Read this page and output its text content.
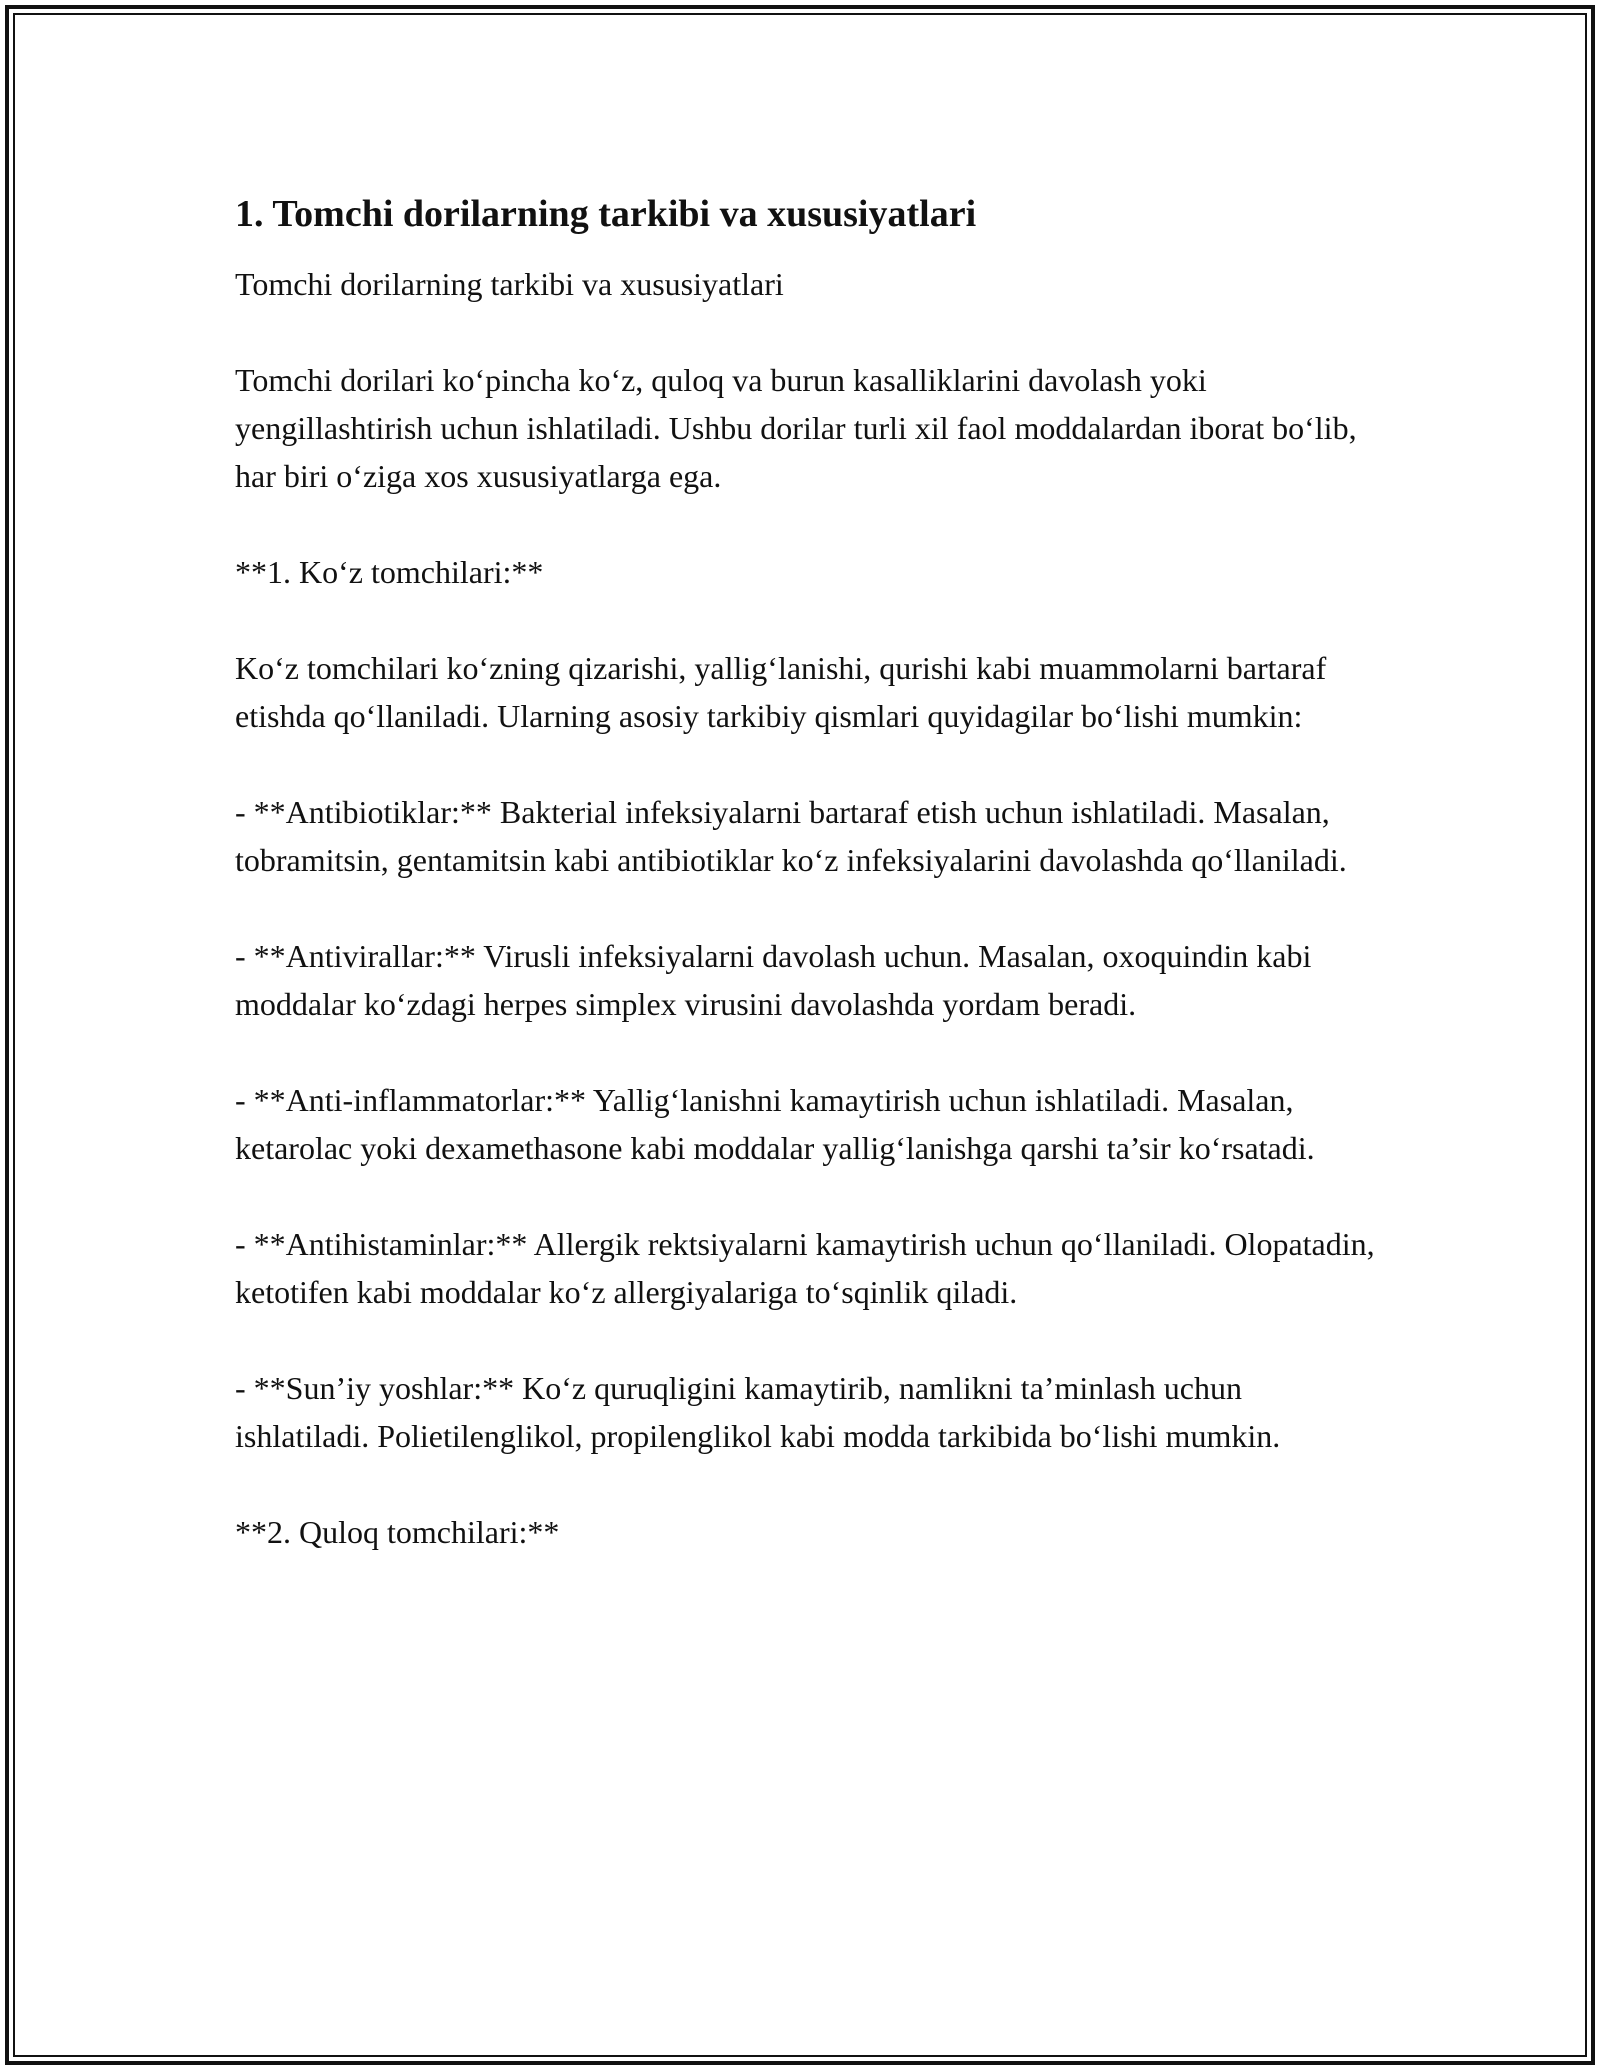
1. Tomchi dorilarning tarkibi va xususiyatlari

Tomchi dorilarning tarkibi va xususiyatlari

Tomchi dorilari ko‘pincha ko‘z, quloq va burun kasalliklarini davolash yoki yengillashtirish uchun ishlatiladi. Ushbu dorilar turli xil faol moddalardan iborat bo‘lib, har biri o‘ziga xos xususiyatlarga ega.

**1. Ko‘z tomchilari:**

Ko‘z tomchilari ko‘zning qizarishi, yallig‘lanishi, qurishi kabi muammolarni bartaraf etishda qo‘llaniladi. Ularning asosiy tarkibiy qismlari quyidagilar bo‘lishi mumkin:

- **Antibiotiklar:** Bakterial infeksiyalarni bartaraf etish uchun ishlatiladi. Masalan, tobramitsin, gentamitsin kabi antibiotiklar ko‘z infeksiyalarini davolashda qo‘llaniladi.

- **Antivirallar:** Virusli infeksiyalarni davolash uchun. Masalan, oxoquindin kabi moddalar ko‘zdagi herpes simplex virusini davolashda yordam beradi.

- **Anti-inflammatorlar:** Yallig‘lanishni kamaytirish uchun ishlatiladi. Masalan, ketarolac yoki dexamethasone kabi moddalar yallig‘lanishga qarshi ta’sir ko‘rsatadi.

- **Antihistaminlar:** Allergik rektsiyalarni kamaytirish uchun qo‘llaniladi. Olopatadin, ketotifen kabi moddalar ko‘z allergiyalariga to‘sqinlik qiladi.

- **Sun’iy yoshlar:** Ko‘z quruqligini kamaytirib, namlikni ta’minlash uchun ishlatiladi. Polietilenglikol, propilenglikol kabi modda tarkibida bo‘lishi mumkin.

**2. Quloq tomchilari:**
